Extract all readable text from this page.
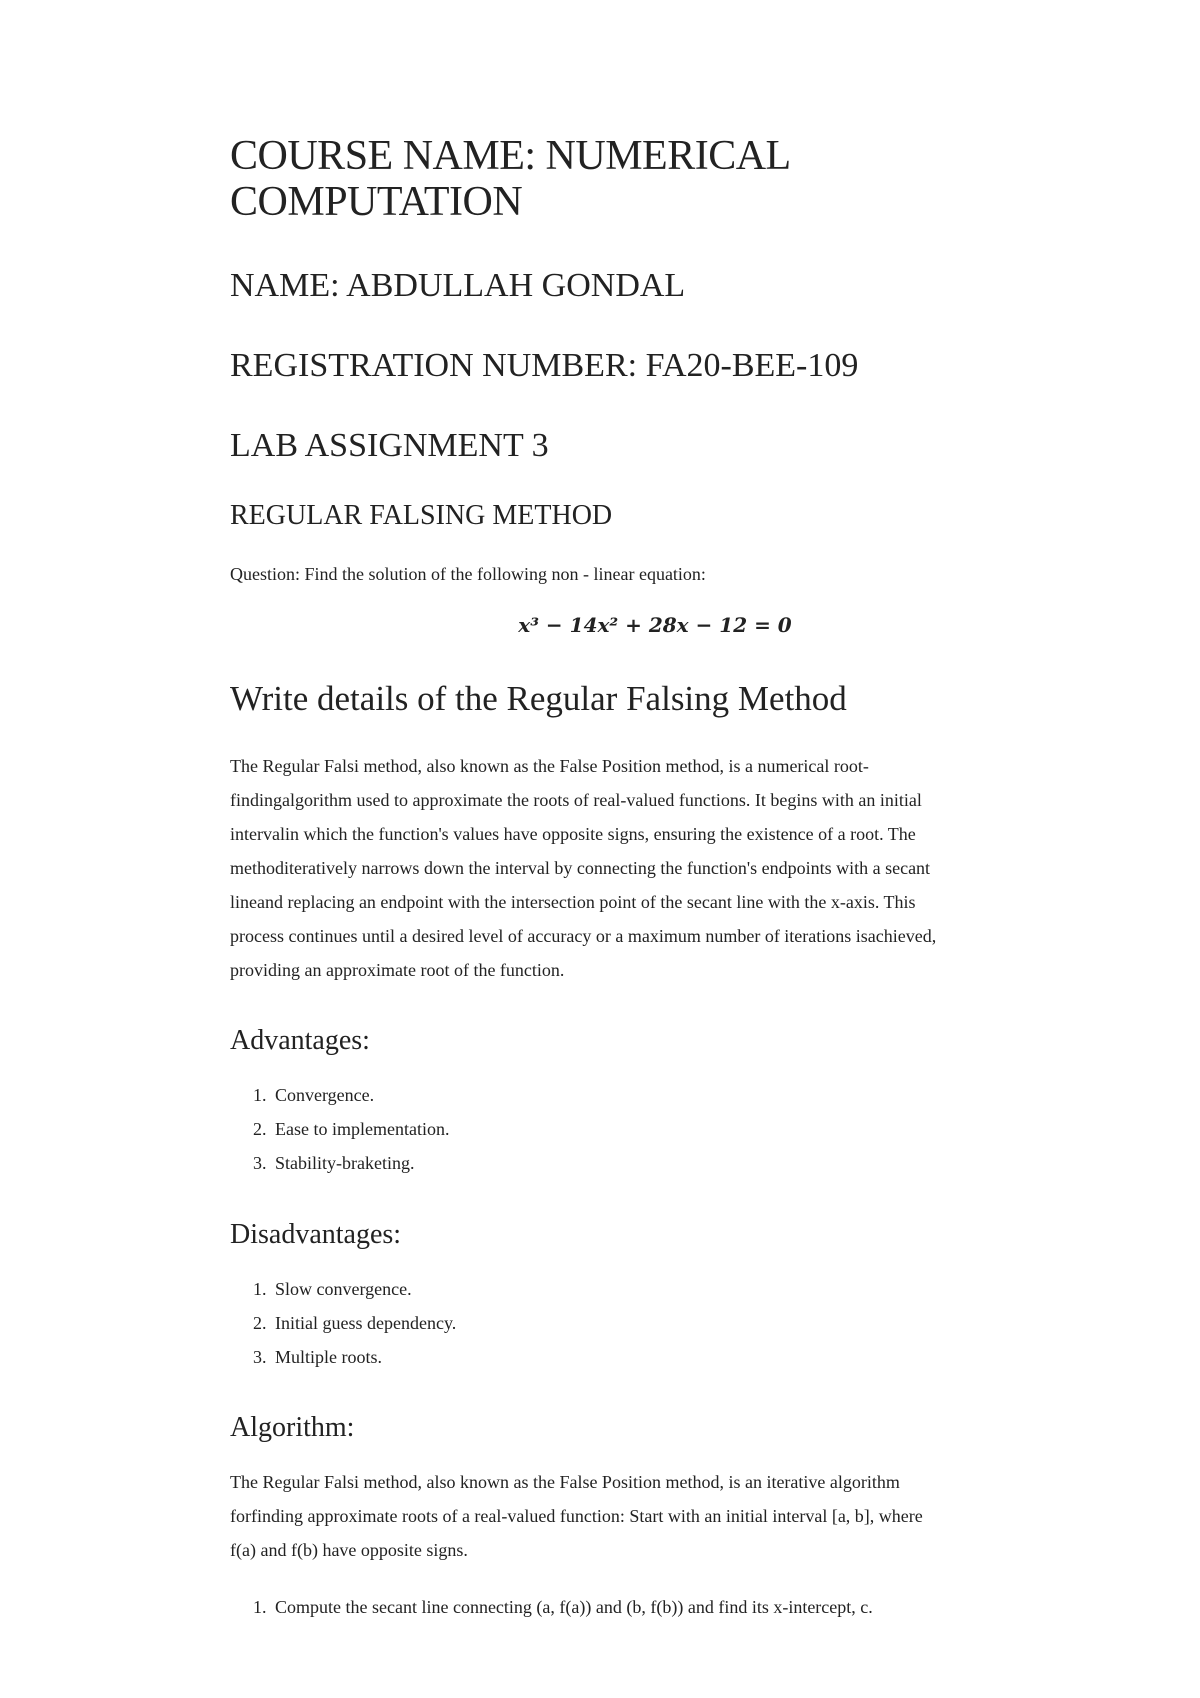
COURSE NAME: NUMERICAL COMPUTATION
NAME: ABDULLAH GONDAL
REGISTRATION NUMBER: FA20-BEE-109
LAB ASSIGNMENT 3
REGULAR FALSING METHOD

Question: Find the solution of the following non - linear equation:

x³ − 14x² + 28x − 12 = 0

Write details of the Regular Falsing Method

The Regular Falsi method, also known as the False Position method, is a numerical root-
findingalgorithm used to approximate the roots of real-valued functions. It begins with an initial
intervalin which the function's values have opposite signs, ensuring the existence of a root. The
methoditeratively narrows down the interval by connecting the function's endpoints with a secant
lineand replacing an endpoint with the intersection point of the secant line with the x-axis. This
process continues until a desired level of accuracy or a maximum number of iterations isachieved,
providing an approximate root of the function.

Advantages:
1. Convergence.
2. Ease to implementation.
3. Stability-braketing.
Disadvantages:
1. Slow convergence.
2. Initial guess dependency.
3. Multiple roots.
Algorithm:

The Regular Falsi method, also known as the False Position method, is an iterative algorithm
forfinding approximate roots of a real-valued function: Start with an initial interval [a, b], where
f(a) and f(b) have opposite signs.

1. Compute the secant line connecting (a, f(a)) and (b, f(b)) and find its x-intercept, c.
